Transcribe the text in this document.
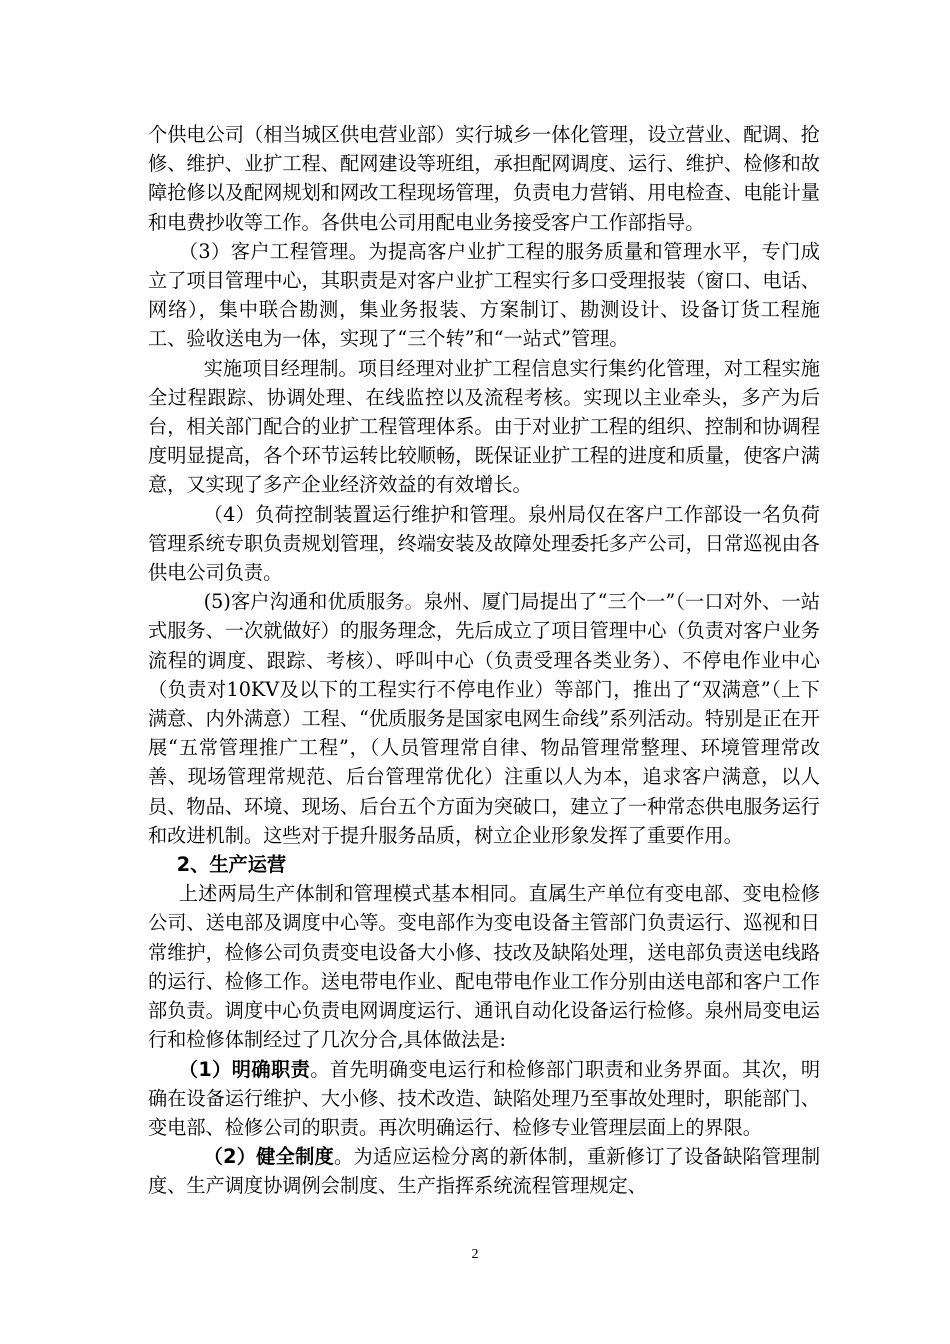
个供电公司（相当城区供电营业部）实行城乡一体化管理，设立营业、配调、抢修、维护、业扩工程、配网建设等班组，承担配网调度、运行、维护、检修和故障抢修以及配网规划和网改工程现场管理，负责电力营销、用电检查、电能计量和电费抄收等工作。各供电公司用配电业务接受客户工作部指导。

（3）客户工程管理。为提高客户业扩工程的服务质量和管理水平，专门成立了项目管理中心，其职责是对客户业扩工程实行多口受理报装（窗口、电话、网络），集中联合勘测，集业务报装、方案制订、勘测设计、设备订货工程施工、验收送电为一体，实现了“三个转”和“一站式”管理。

实施项目经理制。项目经理对业扩工程信息实行集约化管理，对工程实施全过程跟踪、协调处理、在线监控以及流程考核。实现以主业牵头，多产为后台，相关部门配合的业扩工程管理体系。由于对业扩工程的组织、控制和协调程度明显提高，各个环节运转比较顺畅，既保证业扩工程的进度和质量，使客户满意，又实现了多产企业经济效益的有效增长。

（4）负荷控制装置运行维护和管理。泉州局仅在客户工作部设一名负荷管理系统专职负责规划管理，终端安装及故障处理委托多产公司，日常巡视由各供电公司负责。

(5)客户沟通和优质服务。泉州、厦门局提出了“三个一”（一口对外、一站式服务、一次就做好）的服务理念，先后成立了项目管理中心（负责对客户业务流程的调度、跟踪、考核）、呼叫中心（负责受理各类业务）、不停电作业中心（负责对10KV及以下的工程实行不停电作业）等部门，推出了“双满意”（上下满意、内外满意）工程、“优质服务是国家电网生命线”系列活动。特别是正在开展“五常管理推广工程”，（人员管理常自律、物品管理常整理、环境管理常改善、现场管理常规范、后台管理常优化）注重以人为本，追求客户满意，以人员、物品、环境、现场、后台五个方面为突破口，建立了一种常态供电服务运行和改进机制。这些对于提升服务品质，树立企业形象发挥了重要作用。

2、生产运营

上述两局生产体制和管理模式基本相同。直属生产单位有变电部、变电检修公司、送电部及调度中心等。变电部作为变电设备主管部门负责运行、巡视和日常维护，检修公司负责变电设备大小修、技改及缺陷处理，送电部负责送电线路的运行、检修工作。送电带电作业、配电带电作业工作分别由送电部和客户工作部负责。调度中心负责电网调度运行、通讯自动化设备运行检修。泉州局变电运行和检修体制经过了几次分合,具体做法是:

（1）明确职责。首先明确变电运行和检修部门职责和业务界面。其次，明确在设备运行维护、大小修、技术改造、缺陷处理乃至事故处理时，职能部门、变电部、检修公司的职责。再次明确运行、检修专业管理层面上的界限。

（2）健全制度。为适应运检分离的新体制，重新修订了设备缺陷管理制度、生产调度协调例会制度、生产指挥系统流程管理规定、

2
